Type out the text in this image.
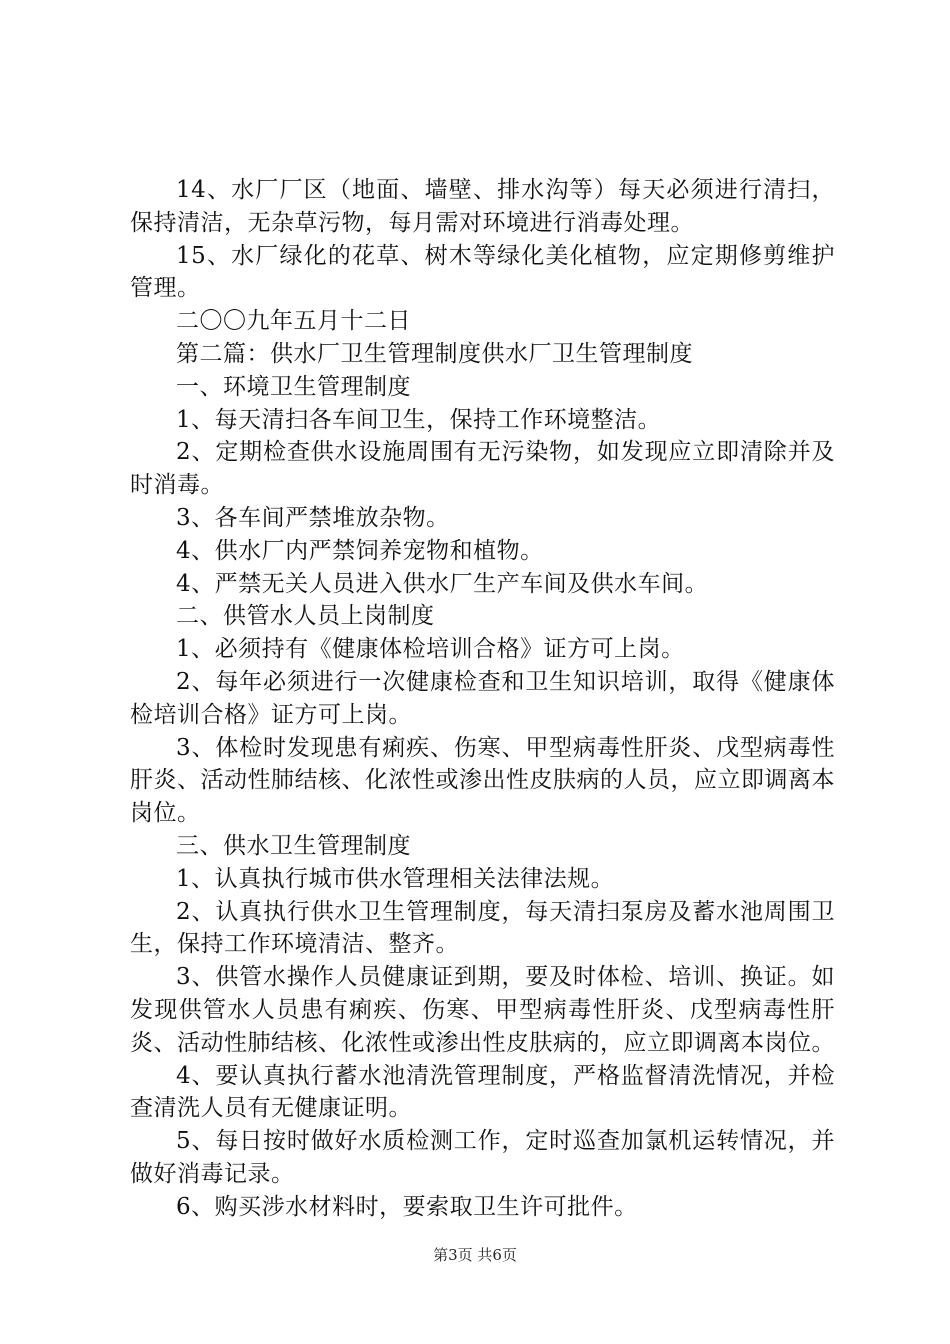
14、水厂厂区（地面、墙壁、排水沟等）每天必须进行清扫，保持清洁，无杂草污物，每月需对环境进行消毒处理。

15、水厂绿化的花草、树木等绿化美化植物，应定期修剪维护管理。

二〇〇九年五月十二日

第二篇：供水厂卫生管理制度供水厂卫生管理制度

一、环境卫生管理制度

1、每天清扫各车间卫生，保持工作环境整洁。

2、定期检查供水设施周围有无污染物，如发现应立即清除并及时消毒。

3、各车间严禁堆放杂物。

4、供水厂内严禁饲养宠物和植物。

4、严禁无关人员进入供水厂生产车间及供水车间。

二、供管水人员上岗制度

1、必须持有《健康体检培训合格》证方可上岗。

2、每年必须进行一次健康检查和卫生知识培训，取得《健康体检培训合格》证方可上岗。

3、体检时发现患有痢疾、伤寒、甲型病毒性肝炎、戊型病毒性肝炎、活动性肺结核、化浓性或渗出性皮肤病的人员，应立即调离本岗位。

三、供水卫生管理制度

1、认真执行城市供水管理相关法律法规。

2、认真执行供水卫生管理制度，每天清扫泵房及蓄水池周围卫生，保持工作环境清洁、整齐。

3、供管水操作人员健康证到期，要及时体检、培训、换证。如发现供管水人员患有痢疾、伤寒、甲型病毒性肝炎、戊型病毒性肝炎、活动性肺结核、化浓性或渗出性皮肤病的，应立即调离本岗位。

4、要认真执行蓄水池清洗管理制度，严格监督清洗情况，并检查清洗人员有无健康证明。

5、每日按时做好水质检测工作，定时巡查加氯机运转情况，并做好消毒记录。

6、购买涉水材料时，要索取卫生许可批件。

第3页 共6页
